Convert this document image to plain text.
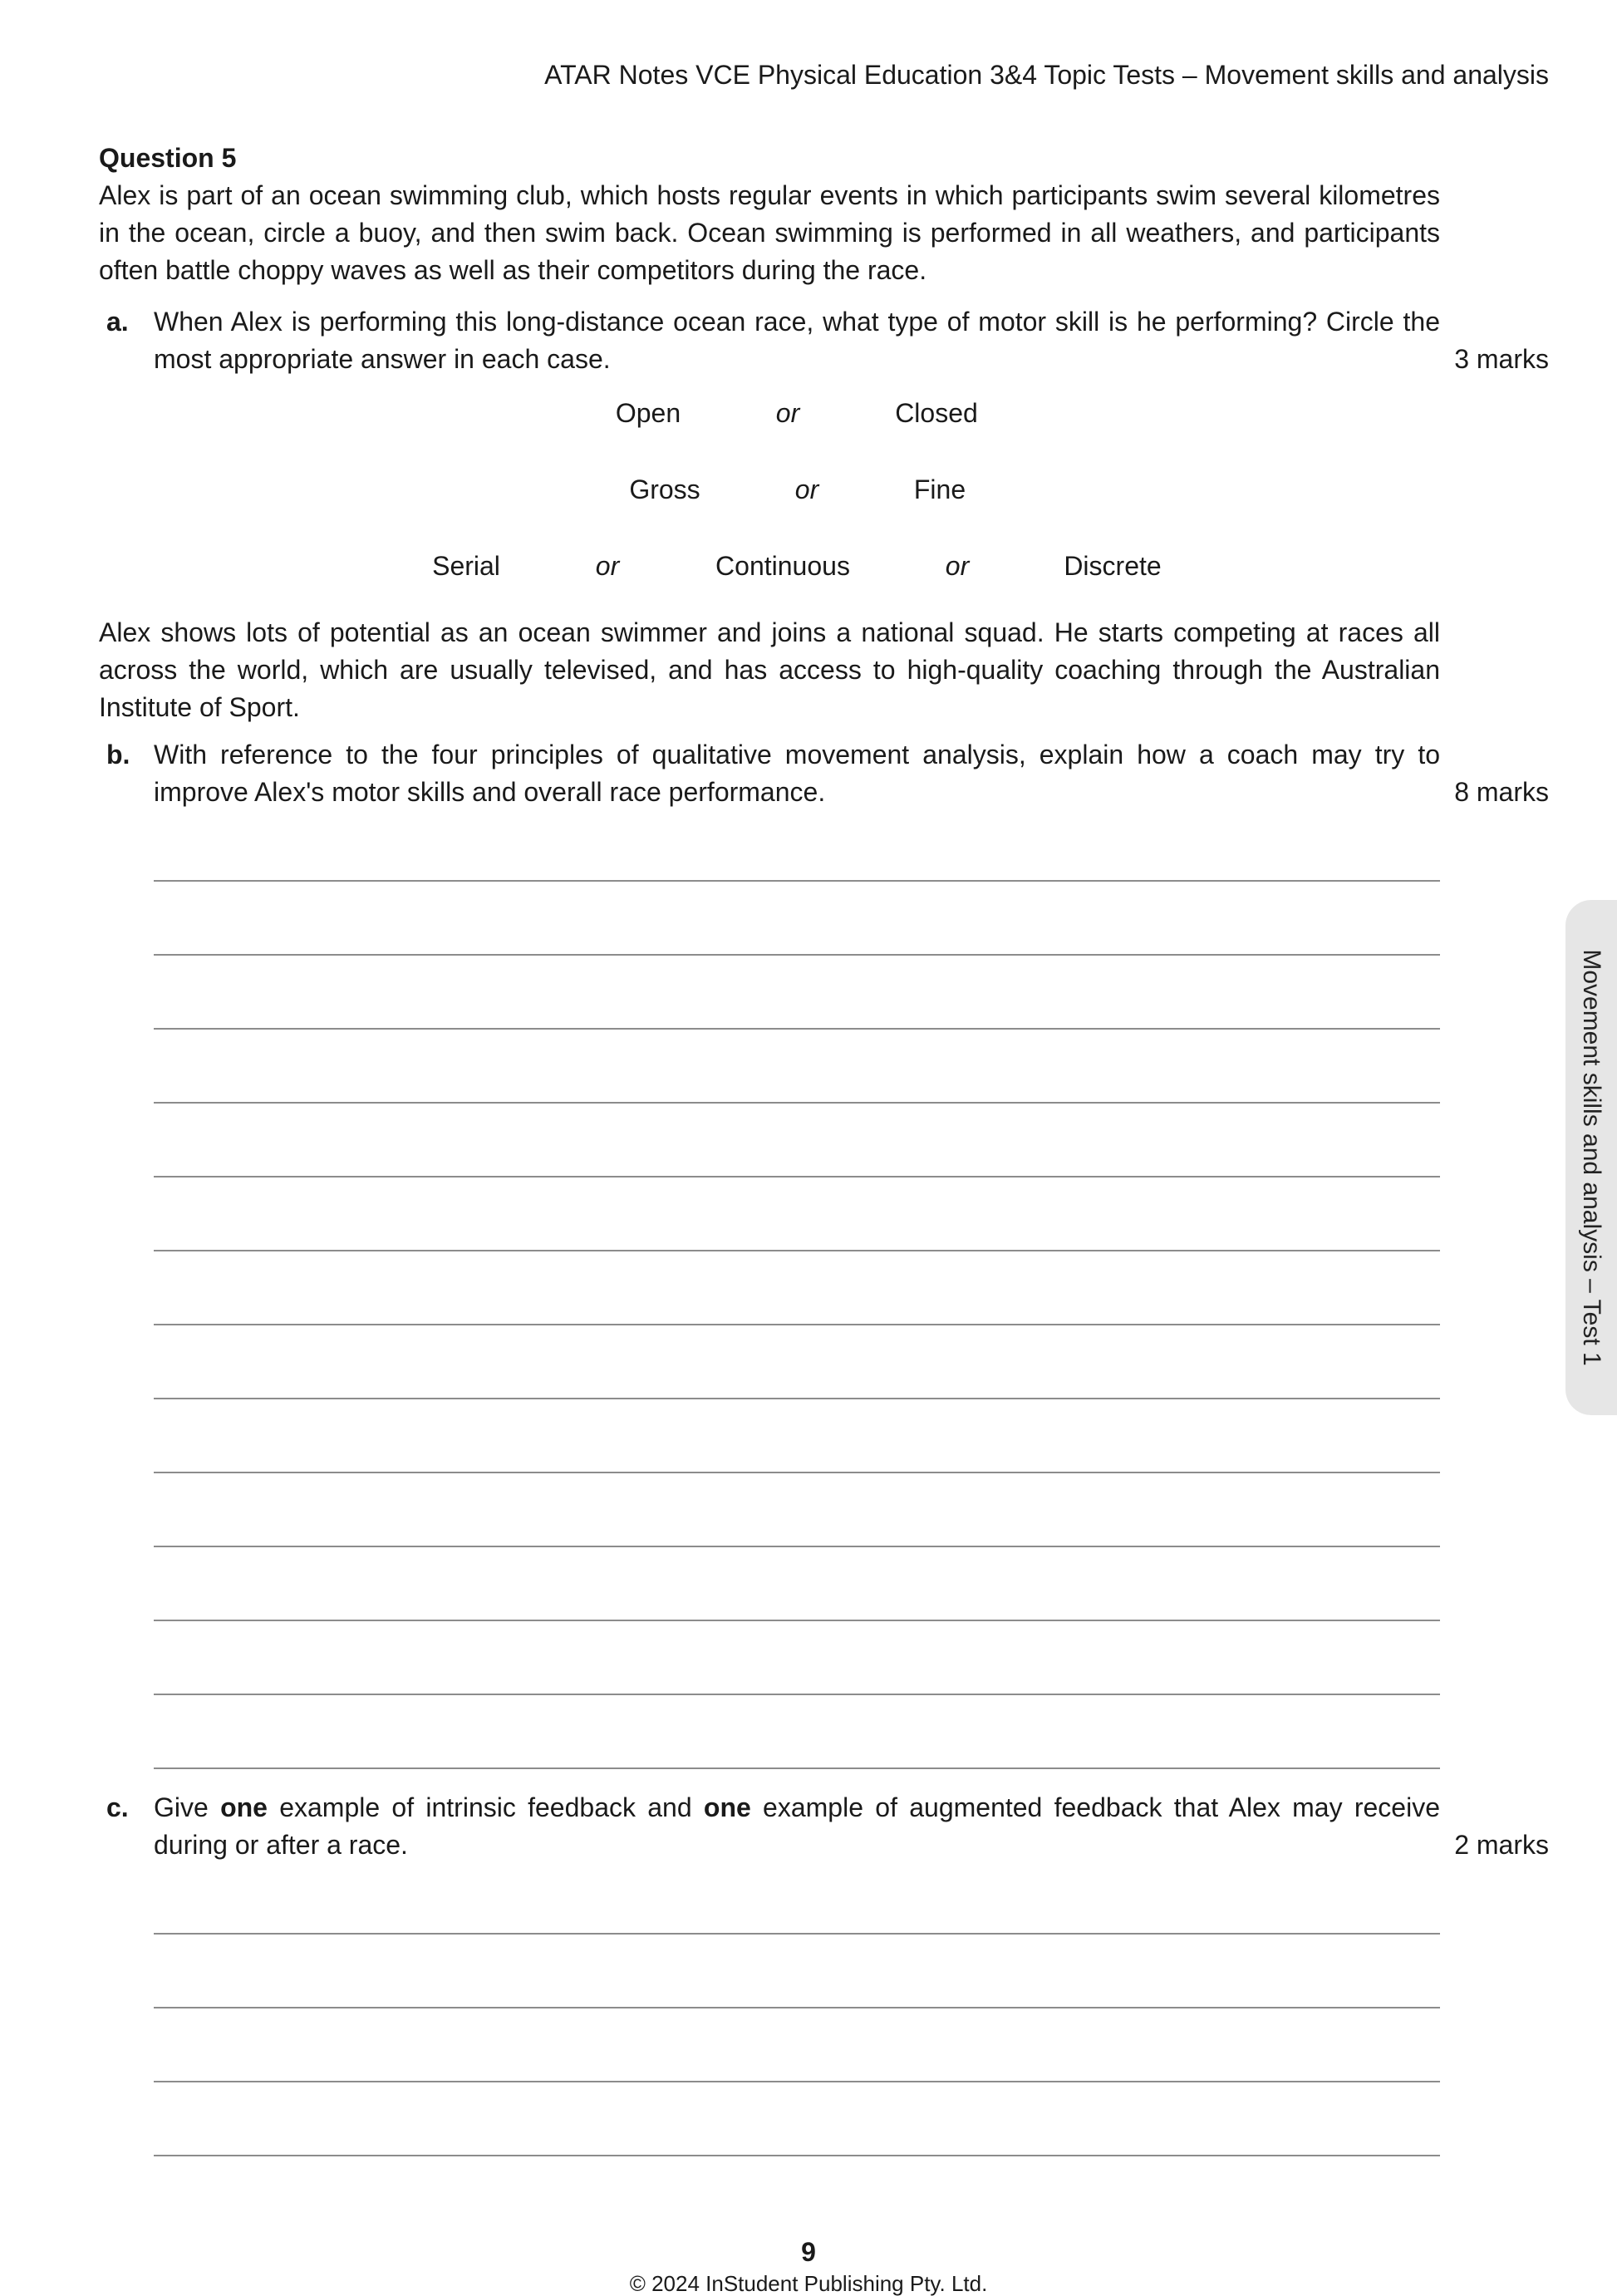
ATAR Notes VCE Physical Education 3&4 Topic Tests – Movement skills and analysis
Question 5
Alex is part of an ocean swimming club, which hosts regular events in which participants swim several kilometres in the ocean, circle a buoy, and then swim back. Ocean swimming is performed in all weathers, and participants often battle choppy waves as well as their competitors during the race.
a. When Alex is performing this long-distance ocean race, what type of motor skill is he performing? Circle the most appropriate answer in each case.	3 marks
Open	or	Closed
Gross	or	Fine
Serial	or	Continuous	or	Discrete
Alex shows lots of potential as an ocean swimmer and joins a national squad. He starts competing at races all across the world, which are usually televised, and has access to high-quality coaching through the Australian Institute of Sport.
b. With reference to the four principles of qualitative movement analysis, explain how a coach may try to improve Alex's motor skills and overall race performance.	8 marks
c. Give one example of intrinsic feedback and one example of augmented feedback that Alex may receive during or after a race.	2 marks
Movement skills and analysis – Test 1
9
© 2024 InStudent Publishing Pty. Ltd.
